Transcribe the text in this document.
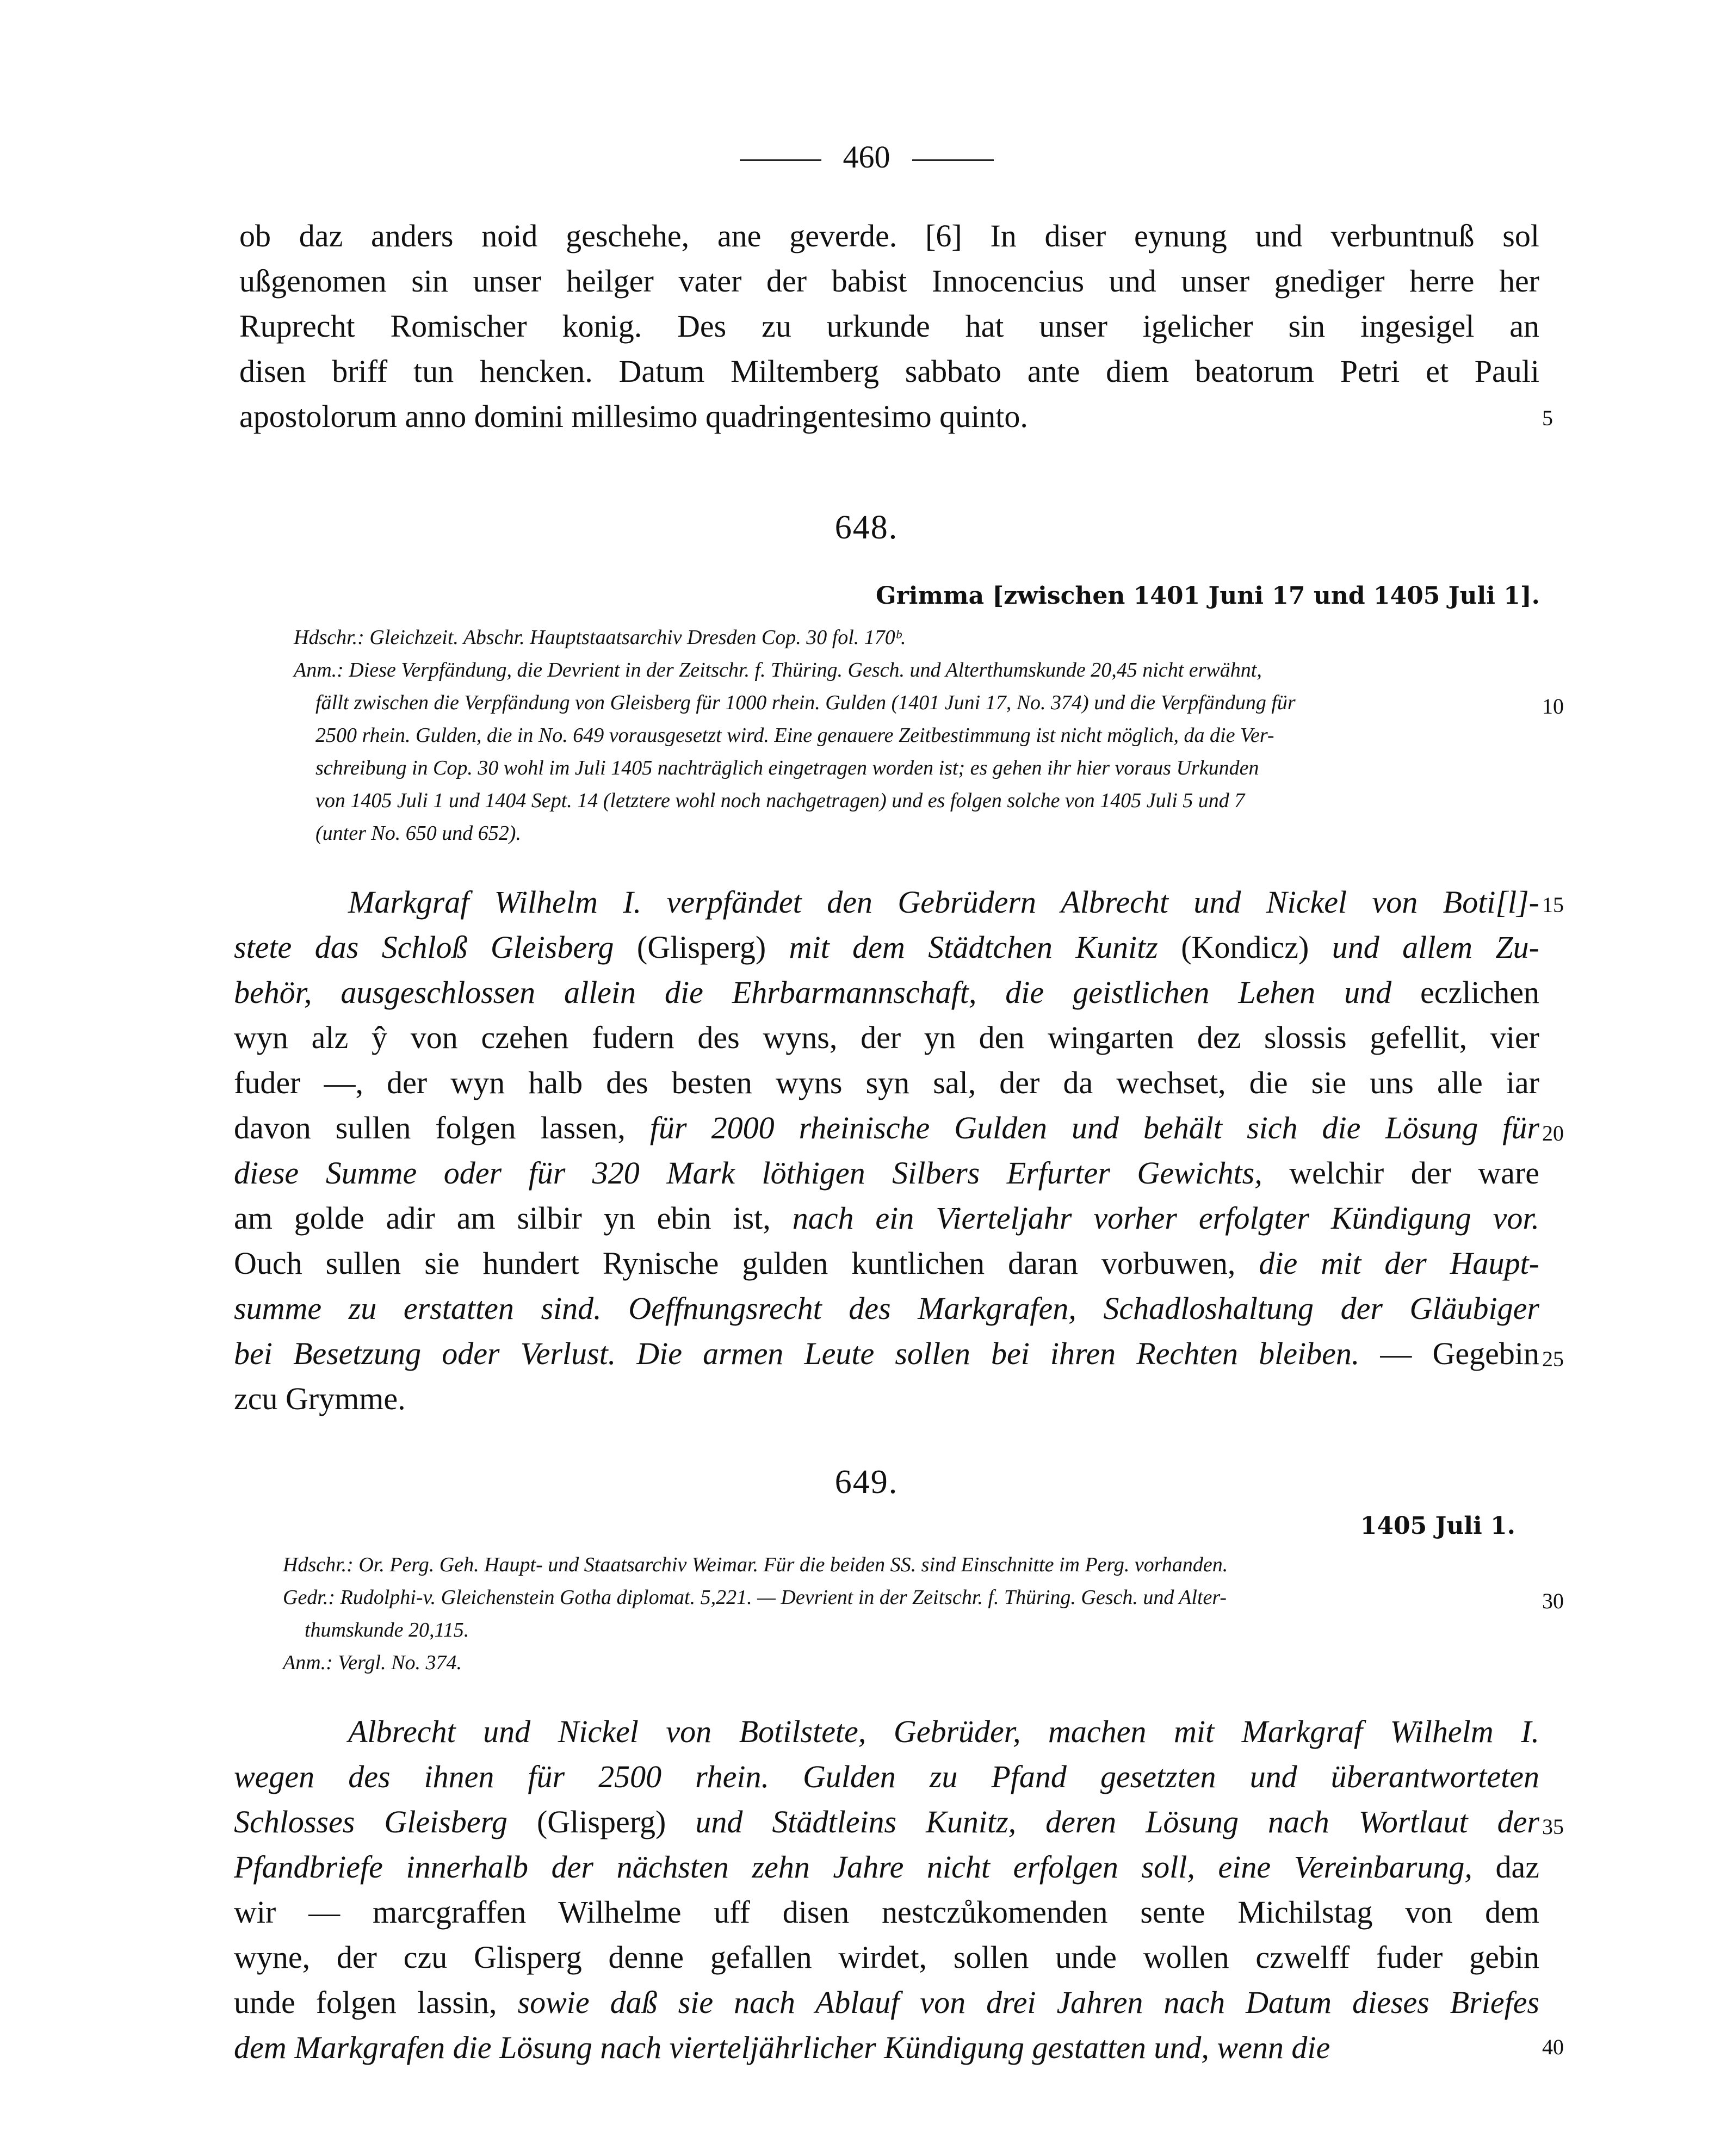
460
ob daz anders noid geschehe, ane geverde. [6] In diser eynung und verbuntnuß sol
ußgenomen sin unser heilger vater der babist Innocencius und unser gnediger herre her
Ruprecht Romischer konig. Des zu urkunde hat unser igelicher sin ingesigel an
disen briff tun hencken. Datum Miltemberg sabbato ante diem beatorum Petri et Pauli
apostolorum anno domini millesimo quadringentesimo quinto.
648.
Grimma [zwischen 1401 Juni 17 und 1405 Juli 1].
Hdschr.: Gleichzeit. Abschr. Hauptstaatsarchiv Dresden Cop. 30 fol. 170ᵇ.
Anm.: Diese Verpfändung, die Devrient in der Zeitschr. f. Thüring. Gesch. und Alterthumskunde 20,45 nicht erwähnt,
fällt zwischen die Verpfändung von Gleisberg für 1000 rhein. Gulden (1401 Juni 17, No. 374) und die Verpfändung für
2500 rhein. Gulden, die in No. 649 vorausgesetzt wird. Eine genauere Zeitbestimmung ist nicht möglich, da die Ver-
schreibung in Cop. 30 wohl im Juli 1405 nachträglich eingetragen worden ist; es gehen ihr hier voraus Urkunden
von 1405 Juli 1 und 1404 Sept. 14 (letztere wohl noch nachgetragen) und es folgen solche von 1405 Juli 5 und 7
(unter No. 650 und 652).
Markgraf Wilhelm I. verpfändet den Gebrüdern Albrecht und Nickel von Boti[l]-
stete das Schloß Gleisberg (Glisperg) mit dem Städtchen Kunitz (Kondicz) und allem Zu-
behör, ausgeschlossen allein die Ehrbarmannschaft, die geistlichen Lehen und eczlichen
wyn alz ŷ von czehen fudern des wyns, der yn den wingarten dez slossis gefellit, vier
fuder —, der wyn halb des besten wyns syn sal, der da wechset, die sie uns alle iar
davon sullen folgen lassen, für 2000 rheinische Gulden und behält sich die Lösung für
diese Summe oder für 320 Mark löthigen Silbers Erfurter Gewichts, welchir der ware
am golde adir am silbir yn ebin ist, nach ein Vierteljahr vorher erfolgter Kündigung vor.
Ouch sullen sie hundert Rynische gulden kuntlichen daran vorbuwen, die mit der Haupt-
summe zu erstatten sind. Oeffnungsrecht des Markgrafen, Schadloshaltung der Gläubiger
bei Besetzung oder Verlust. Die armen Leute sollen bei ihren Rechten bleiben. — Gegebin
zcu Grymme.
649.
1405 Juli 1.
Hdschr.: Or. Perg. Geh. Haupt- und Staatsarchiv Weimar. Für die beiden SS. sind Einschnitte im Perg. vorhanden.
Gedr.: Rudolphi-v. Gleichenstein Gotha diplomat. 5,221. — Devrient in der Zeitschr. f. Thüring. Gesch. und Alter-
thumskunde 20,115.
Anm.: Vergl. No. 374.
Albrecht und Nickel von Botilstete, Gebrüder, machen mit Markgraf Wilhelm I.
wegen des ihnen für 2500 rhein. Gulden zu Pfand gesetzten und überantworteten
Schlosses Gleisberg (Glisperg) und Städtleins Kunitz, deren Lösung nach Wortlaut der
Pfandbriefe innerhalb der nächsten zehn Jahre nicht erfolgen soll, eine Vereinbarung, daz
wir — marcgraffen Wilhelme uff disen nestczůkomenden sente Michilstag von dem
wyne, der czu Glisperg denne gefallen wirdet, sollen unde wollen czwelff fuder gebin
unde folgen lassin, sowie daß sie nach Ablauf von drei Jahren nach Datum dieses Briefes
dem Markgrafen die Lösung nach vierteljährlicher Kündigung gestatten und, wenn die
5
10
15
20
25
30
35
40
